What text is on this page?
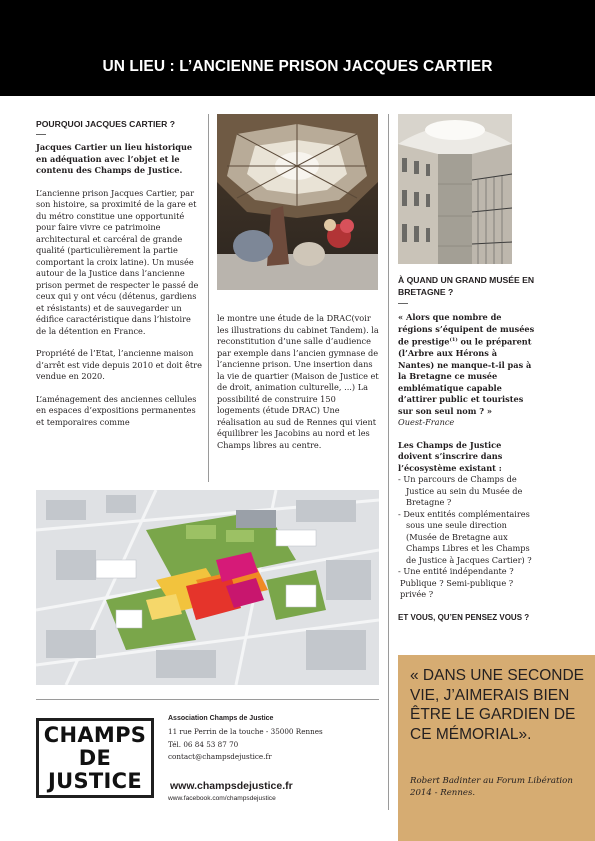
UN LIEU : L’ANCIENNE PRISON JACQUES CARTIER
POURQUOI JACQUES CARTIER ?

Jacques Cartier un lieu historique en adéquation avec l’objet et le contenu des Champs de Justice.

L’ancienne prison Jacques Cartier, par son histoire, sa proximité de la gare et du métro constitue une opportunité pour faire vivre ce patrimoine architectural et carcéral de grande qualité (particulièrement la partie comportant la croix latine). Un musée autour de la Justice dans l’ancienne prison permet de respecter le passé de ceux qui y ont vécu (détenus, gardiens et résistants) et de sauvegarder un édifice caractéristique dans l’histoire de la détention en France.

Propriété de l’Etat, l’ancienne maison d’arrêt est vide depuis 2010 et doit être vendue en 2020.

L’aménagement des anciennes cellules en espaces d’expositions permanentes et temporaires comme

le montre une étude de la DRAC(voir les illustrations du cabinet Tandem). la reconstitution d’une salle d’audience par exemple dans l’ancien gymnase de l’ancienne prison. Une insertion dans la vie de quartier (Maison de Justice et de droit, animation culturelle, ...) La possibilité de construire 150 logements (étude DRAC) Une réalisation au sud de Rennes qui vient équilibrer les Jacobins au nord et les Champs libres au centre.
À QUAND UN GRAND MUSÉE EN BRETAGNE ?

« Alors que nombre de régions s’équipent de musées de prestige$^{(1)}$ ou le préparent (l’Arbre aux Hérons à Nantes) ne manque-t-il pas à la Bretagne ce musée emblématique capable d’attirer public et touristes sur son seul nom ? »

Ouest-France

Les Champs de Justice doivent s’inscrire dans l’écosystème existant :

- Un parcours de Champs de Justice au sein du Musée de Bretagne ?
- Deux entités complémentaires sous une seule direction (Musée de Bretagne aux Champs Libres et les Champs de Justice à Jacques Cartier) ?
- Une entité indépendante ?
Publique ? Semi-publique ?
privée ?

ET VOUS, QU’EN PENSEZ VOUS ?

CHAMPS
DE
JUSTICE
Association Champs de Justice
11 rue Perrin de la touche - 35000 Rennes
Tél. 06 84 53 87 70
contact@champsdejustice.fr
www.champsdejustice.fr
www.facebook.com/champsdejustice
« DANS UNE SECONDE VIE, J’AIMERAIS BIEN ÊTRE LE GARDIEN DE CE MÉMORIAL».
Robert Badinter au Forum Libération 2014 - Rennes.
